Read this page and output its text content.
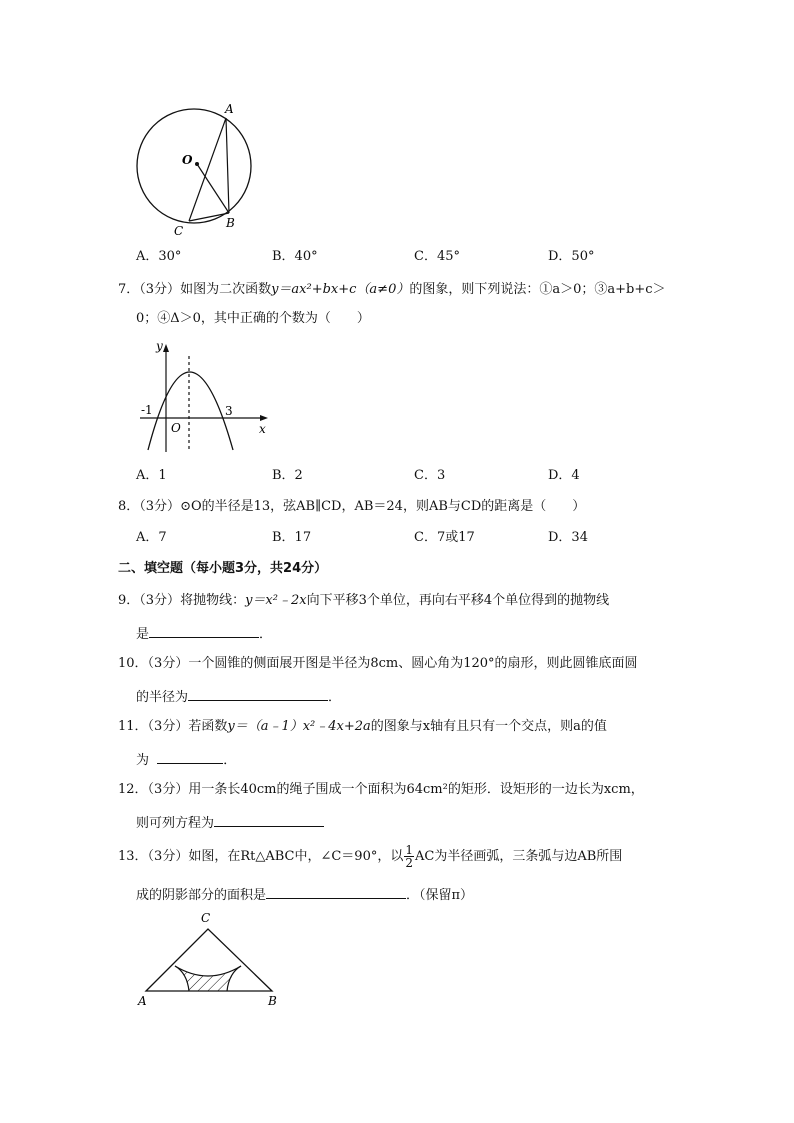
A
O
C
B
A．30°	B．40°	C．45°	D．50°
7．（3分）如图为二次函数y＝ax²+bx+c（a≠0）的图象，则下列说法：①a＞0；③a+b+c＞
0；④Δ＞0，其中正确的个数为（　　）
y
x
O
-1	3
A．1	B．2	C．3	D．4
8．（3分）⊙O的半径是13，弦AB∥CD，AB＝24，则AB与CD的距离是（　　）
A．7	B．17	C．7或17	D．34
二、填空题（每小题3分，共24分）
9．（3分）将抛物线：y＝x²﹣2x向下平移3个单位，再向右平移4个单位得到的抛物线
是	．
10．（3分）一个圆锥的侧面展开图是半径为8cm、圆心角为120°的扇形，则此圆锥底面圆
的半径为	．
11．（3分）若函数y＝（a﹣1）x²﹣4x+2a的图象与x轴有且只有一个交点，则a的值
为	．
12．（3分）用一条长40cm的绳子围成一个面积为64cm²的矩形．设矩形的一边长为xcm，
则可列方程为
13．（3分）如图，在Rt△ABC中，∠C＝90°，以 $\frac{1}{2}$ AC为半径画弧，三条弧与边AB所围
成的阴影部分的面积是	．（保留π）
C
A	B
